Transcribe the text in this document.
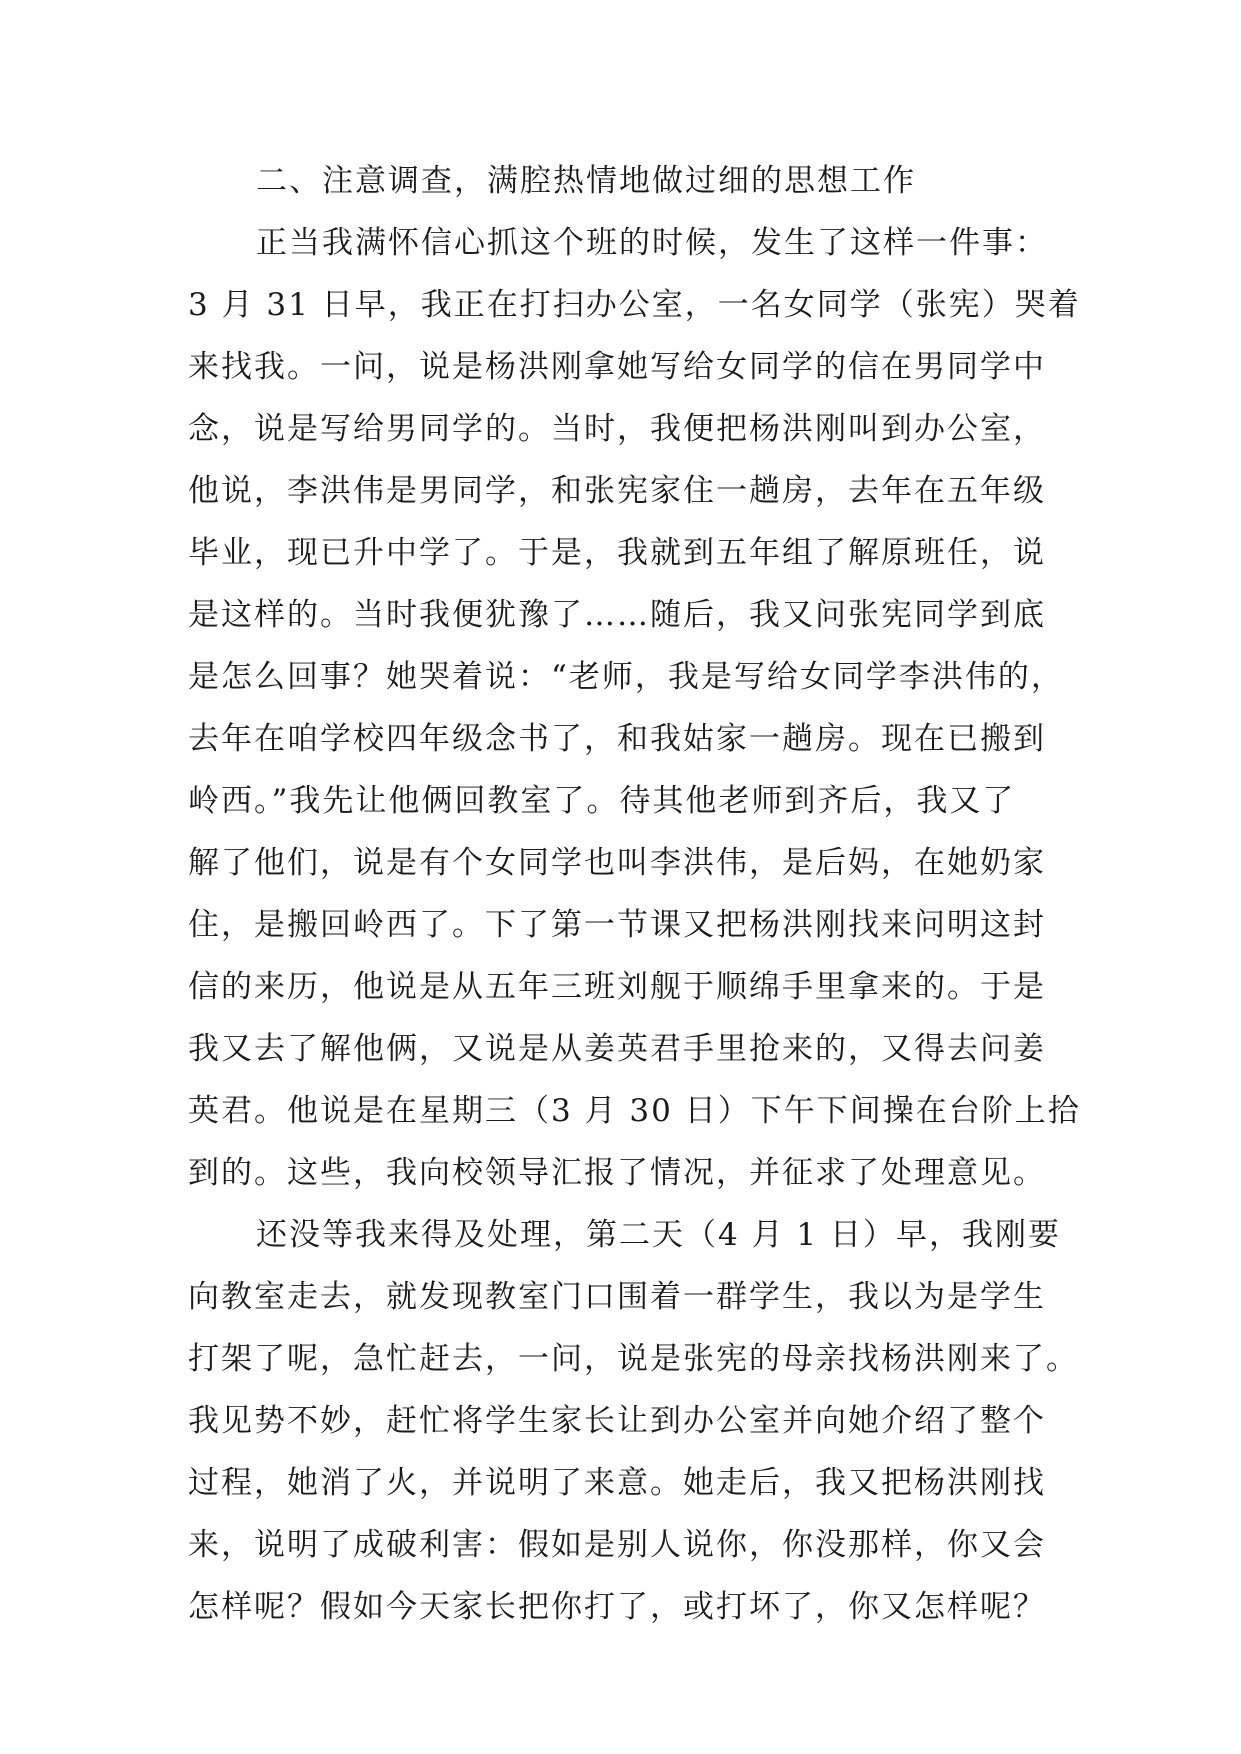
二、注意调查，满腔热情地做过细的思想工作
正当我满怀信心抓这个班的时候，发生了这样一件事：
3 月 31 日早，我正在打扫办公室，一名女同学（张宪）哭着
来找我。一问，说是杨洪刚拿她写给女同学的信在男同学中
念，说是写给男同学的。当时，我便把杨洪刚叫到办公室，
他说，李洪伟是男同学，和张宪家住一趟房，去年在五年级
毕业，现已升中学了。于是，我就到五年组了解原班任，说
是这样的。当时我便犹豫了……随后，我又问张宪同学到底
是怎么回事？她哭着说：“老师，我是写给女同学李洪伟的，
去年在咱学校四年级念书了，和我姑家一趟房。现在已搬到
岭西。”我先让他俩回教室了。待其他老师到齐后，我又了
解了他们，说是有个女同学也叫李洪伟，是后妈，在她奶家
住，是搬回岭西了。下了第一节课又把杨洪刚找来问明这封
信的来历，他说是从五年三班刘舰于顺绵手里拿来的。于是
我又去了解他俩，又说是从姜英君手里抢来的，又得去问姜
英君。他说是在星期三（3 月 30 日）下午下间操在台阶上拾
到的。这些，我向校领导汇报了情况，并征求了处理意见。
还没等我来得及处理，第二天（4 月 1 日）早，我刚要
向教室走去，就发现教室门口围着一群学生，我以为是学生
打架了呢，急忙赶去，一问，说是张宪的母亲找杨洪刚来了。
我见势不妙，赶忙将学生家长让到办公室并向她介绍了整个
过程，她消了火，并说明了来意。她走后，我又把杨洪刚找
来，说明了成破利害：假如是别人说你，你没那样，你又会
怎样呢？假如今天家长把你打了，或打坏了，你又怎样呢？
